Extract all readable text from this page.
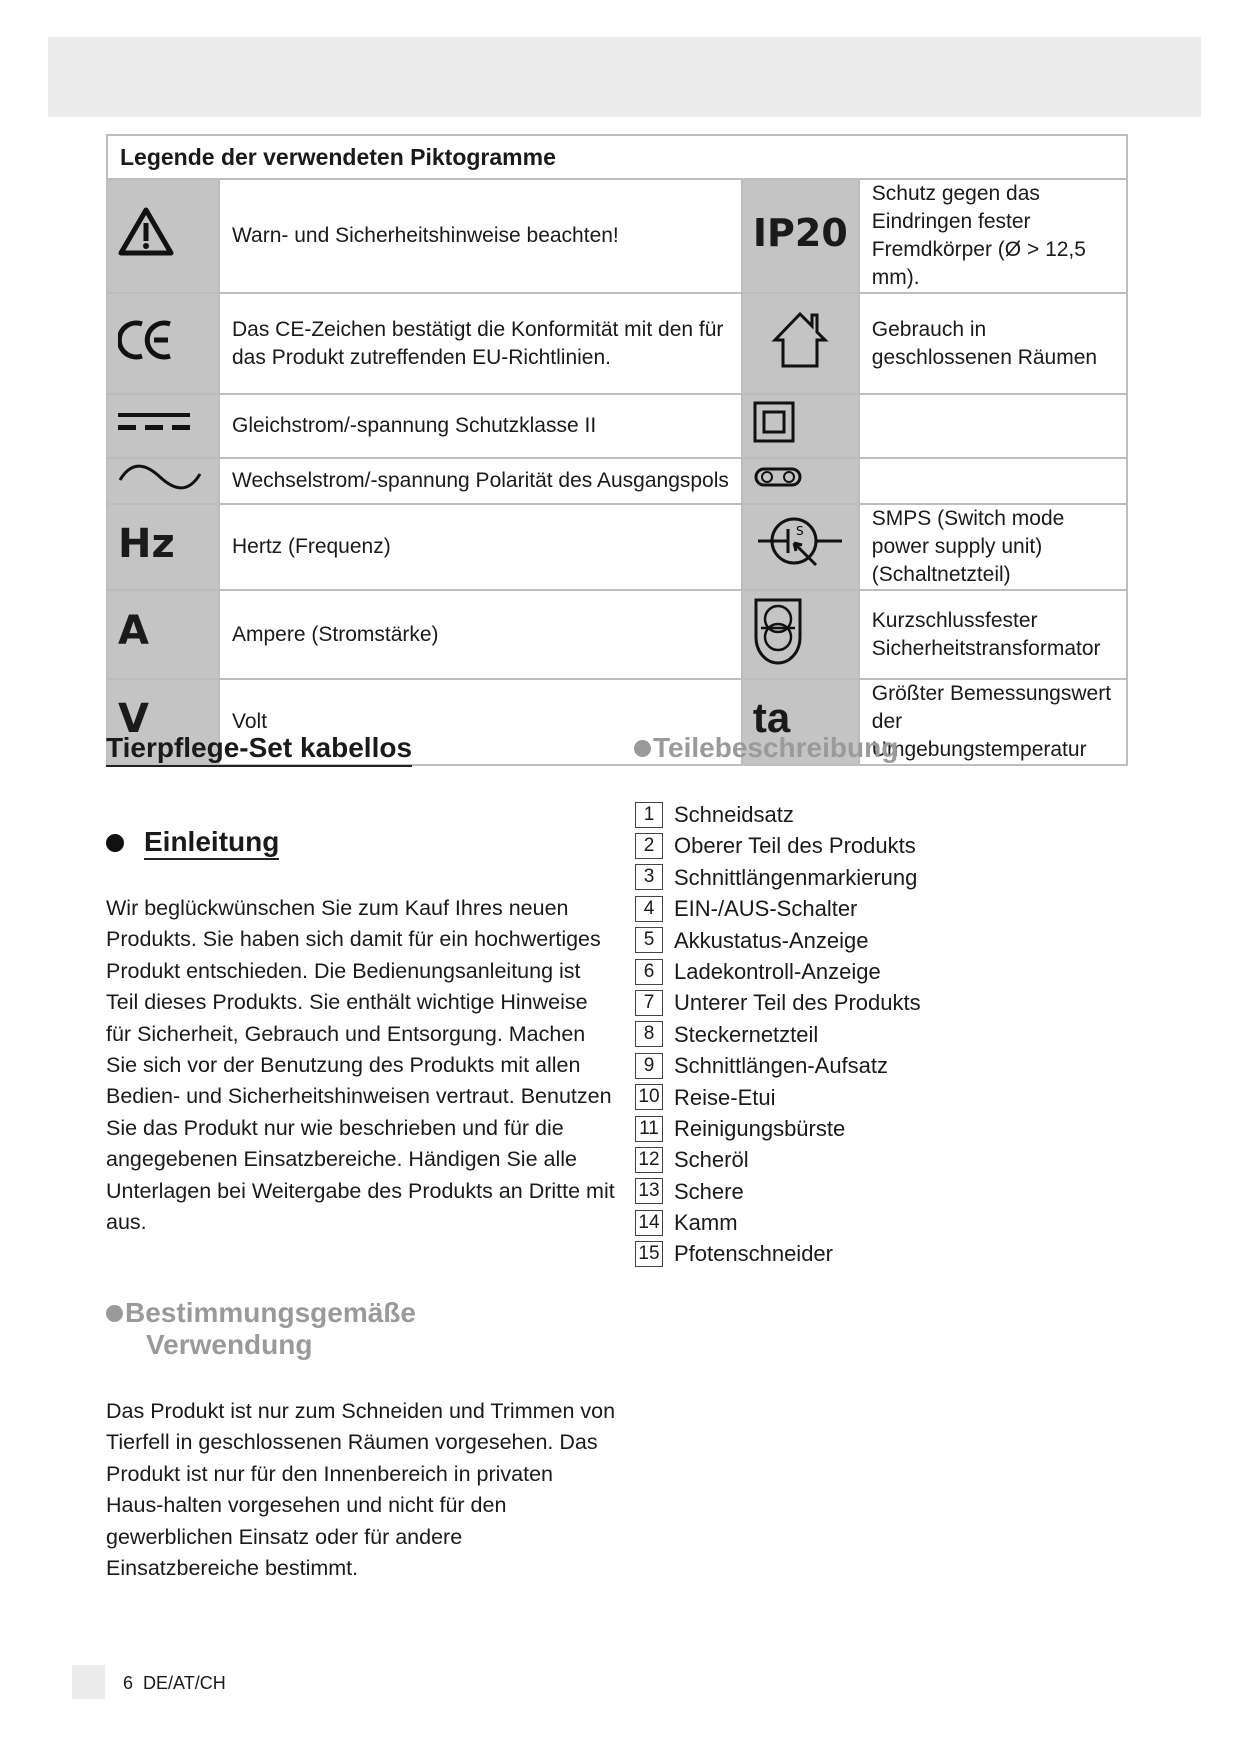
Legende der verwendeten Piktogramme			
	Warn- und Sicherheitshinweise beachten!	IP20	Schutz gegen das Eindringen fester Fremdkörper (Ø > 12,5 mm).
	Das CE-Zeichen bestätigt die Konformität mit den für das Produkt zutreffenden EU-Richtlinien.		Gebrauch in geschlossenen Räumen
	Gleichstrom/-spannung Schutzklasse II		
	Wechselstrom/-spannung Polarität des Ausgangspols		
Hz	Hertz (Frequenz)	S	SMPS (Switch mode power supply unit) (Schaltnetzteil)
A	Ampere (Stromstärke)		Kurzschlussfester Sicherheitstransformator
V	Volt	ta	Größter Bemessungswert der Umgebungstemperatur
Tierpflege-Set kabellos
Einleitung
Wir beglückwünschen Sie zum Kauf Ihres neuen Produkts. Sie haben sich damit für ein hochwertiges Produkt entschieden. Die Bedienungsanleitung ist Teil dieses Produkts. Sie enthält wichtige Hinweise für Sicherheit, Gebrauch und Entsorgung. Machen Sie sich vor der Benutzung des Produkts mit allen Bedien- und Sicherheitshinweisen vertraut. Benutzen Sie das Produkt nur wie beschrieben und für die angegebenen Einsatzbereiche. Händigen Sie alle Unterlagen bei Weitergabe des Produkts an Dritte mit aus.
Bestimmungsgemäße
Verwendung
Das Produkt ist nur zum Schneiden und Trimmen von Tierfell in geschlossenen Räumen vorgesehen. Das Produkt ist nur für den Innenbereich in privaten Haus-halten vorgesehen und nicht für den gewerblichen Einsatz oder für andere Einsatzbereiche bestimmt.
Teilebeschreibung
1 Schneidsatz
2 Oberer Teil des Produkts
3 Schnittlängenmarkierung
4 EIN-/AUS-Schalter
5 Akkustatus-Anzeige
6 Ladekontroll-Anzeige
7 Unterer Teil des Produkts
8 Steckernetzteil
9 Schnittlängen-Aufsatz
10 Reise-Etui
11 Reinigungsbürste
12 Scheröl
13 Schere
14 Kamm
15 Pfotenschneider
6 DE/AT/CH
